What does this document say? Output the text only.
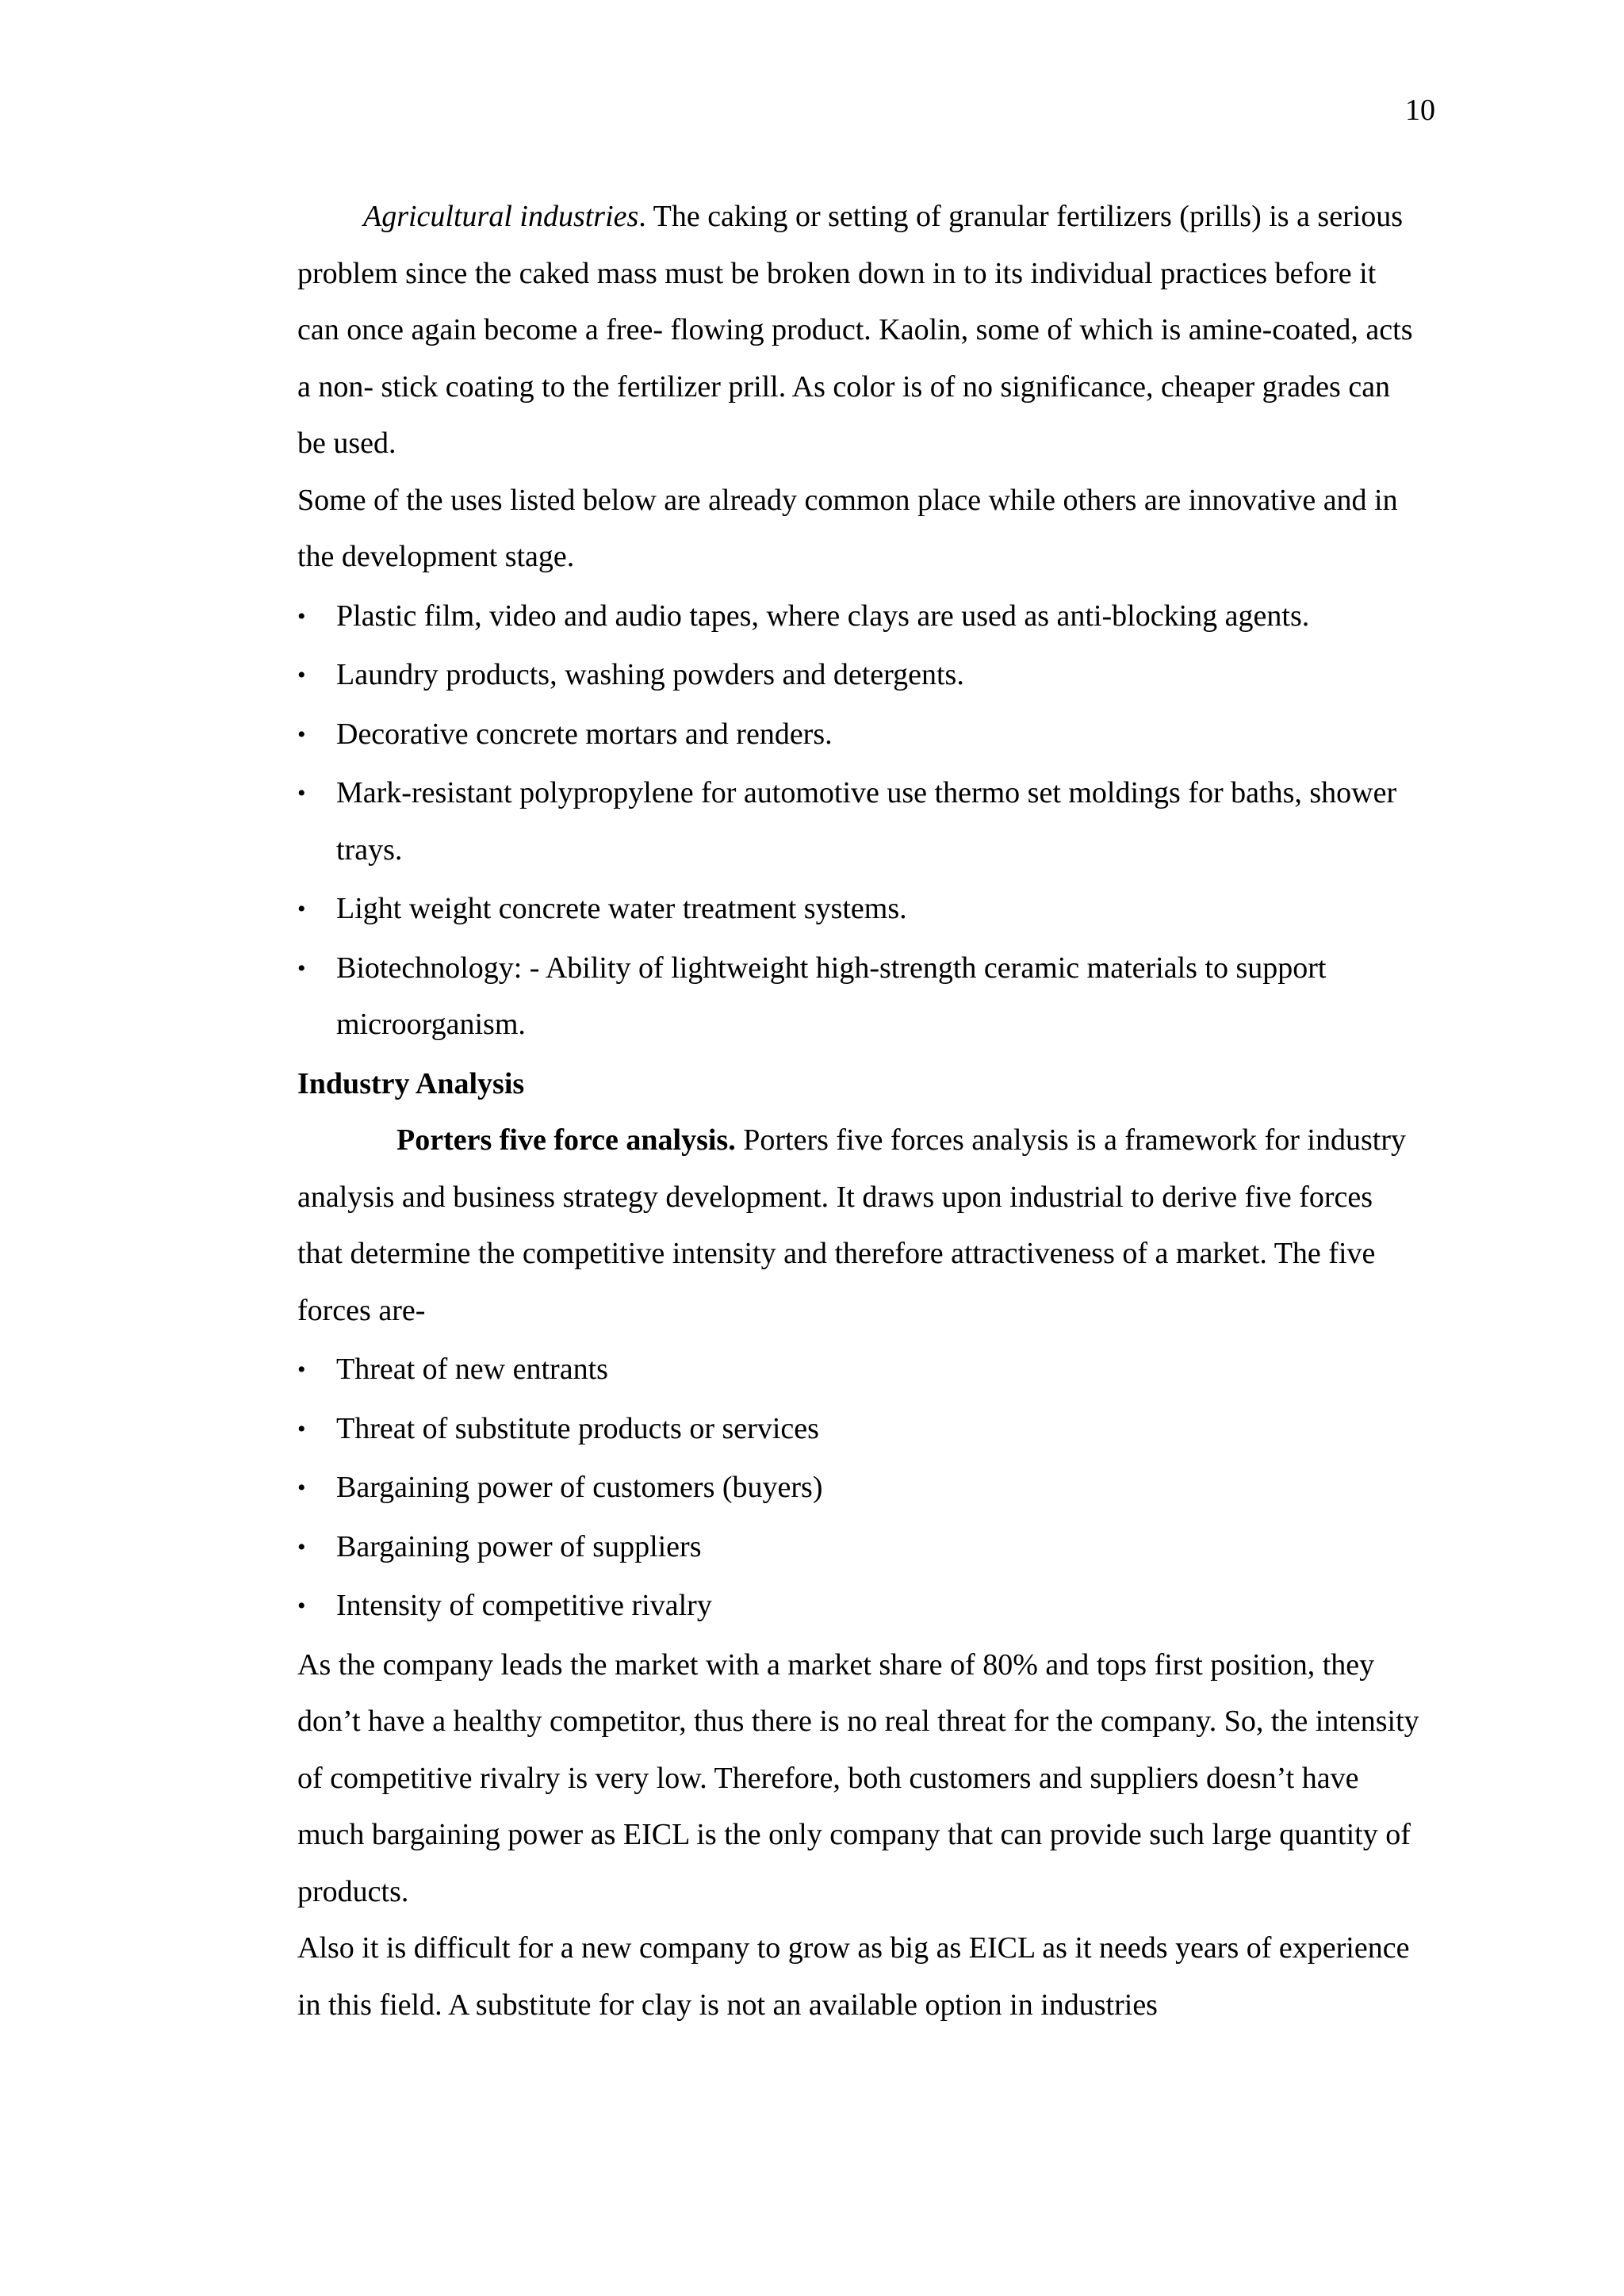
10

Agricultural industries. The caking or setting of granular fertilizers (prills) is a serious problem since the caked mass must be broken down in to its individual practices before it can once again become a free- flowing product. Kaolin, some of which is amine-coated, acts a non- stick coating to the fertilizer prill. As color is of no significance, cheaper grades can be used.

Some of the uses listed below are already common place while others are innovative and in the development stage.

• Plastic film, video and audio tapes, where clays are used as anti-blocking agents.
• Laundry products, washing powders and detergents.
• Decorative concrete mortars and renders.
• Mark-resistant polypropylene for automotive use thermo set moldings for baths, shower trays.
• Light weight concrete water treatment systems.
• Biotechnology: - Ability of lightweight high-strength ceramic materials to support microorganism.

Industry Analysis

Porters five force analysis. Porters five forces analysis is a framework for industry analysis and business strategy development. It draws upon industrial to derive five forces that determine the competitive intensity and therefore attractiveness of a market. The five forces are-

• Threat of new entrants
• Threat of substitute products or services
• Bargaining power of customers (buyers)
• Bargaining power of suppliers
• Intensity of competitive rivalry

As the company leads the market with a market share of 80% and tops first position, they don’t have a healthy competitor, thus there is no real threat for the company. So, the intensity of competitive rivalry is very low. Therefore, both customers and suppliers doesn’t have much bargaining power as EICL is the only company that can provide such large quantity of products.

Also it is difficult for a new company to grow as big as EICL as it needs years of experience in this field. A substitute for clay is not an available option in industries
